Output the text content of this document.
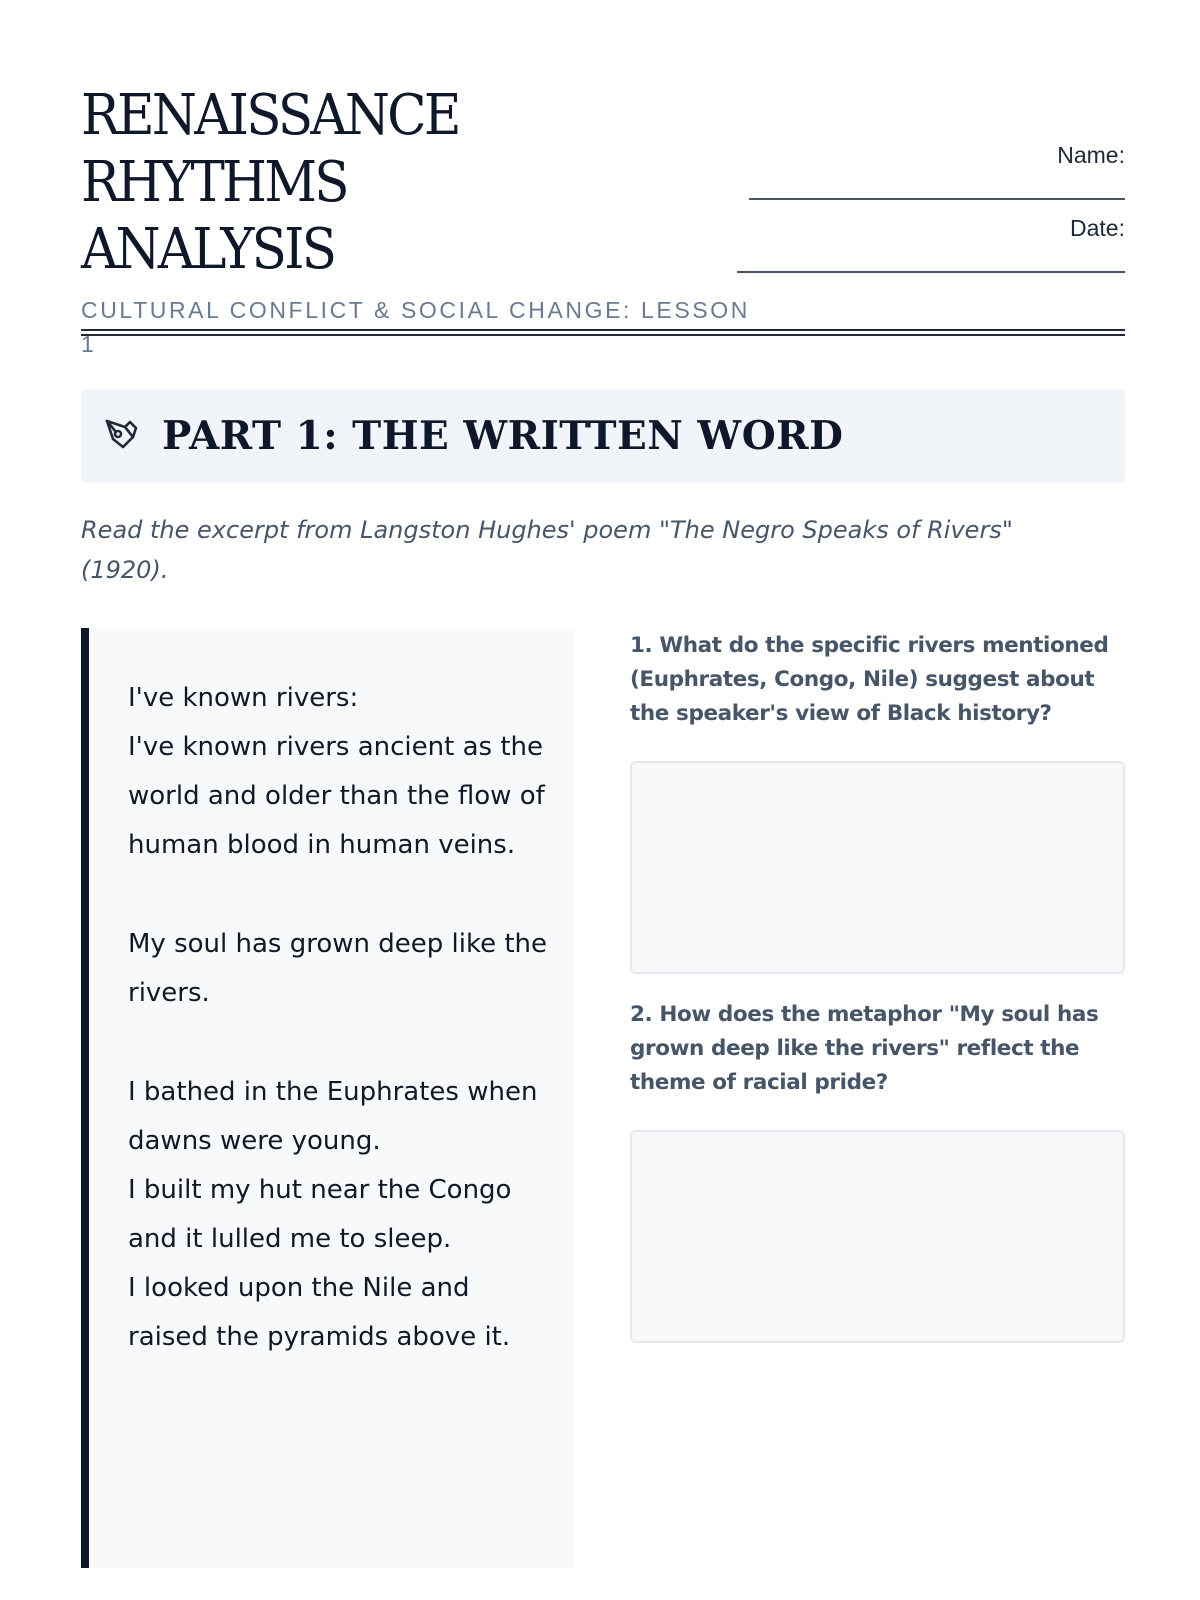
RENAISSANCE RHYTHMS
ANALYSIS
CULTURAL CONFLICT & SOCIAL CHANGE: LESSON 1
Name:
Date:
PART 1: THE WRITTEN WORD
Read the excerpt from Langston Hughes' poem "The Negro Speaks of Rivers" (1920).
I've known rivers:
I've known rivers ancient as the world and older than the flow of human blood in human veins.
My soul has grown deep like the rivers.
I bathed in the Euphrates when dawns were young.
I built my hut near the Congo and it lulled me to sleep.
I looked upon the Nile and raised the pyramids above it.

1. What do the specific rivers mentioned (Euphrates, Congo, Nile) suggest about the speaker's view of Black history?

2. How does the metaphor "My soul has grown deep like the rivers" reflect the theme of racial pride?
